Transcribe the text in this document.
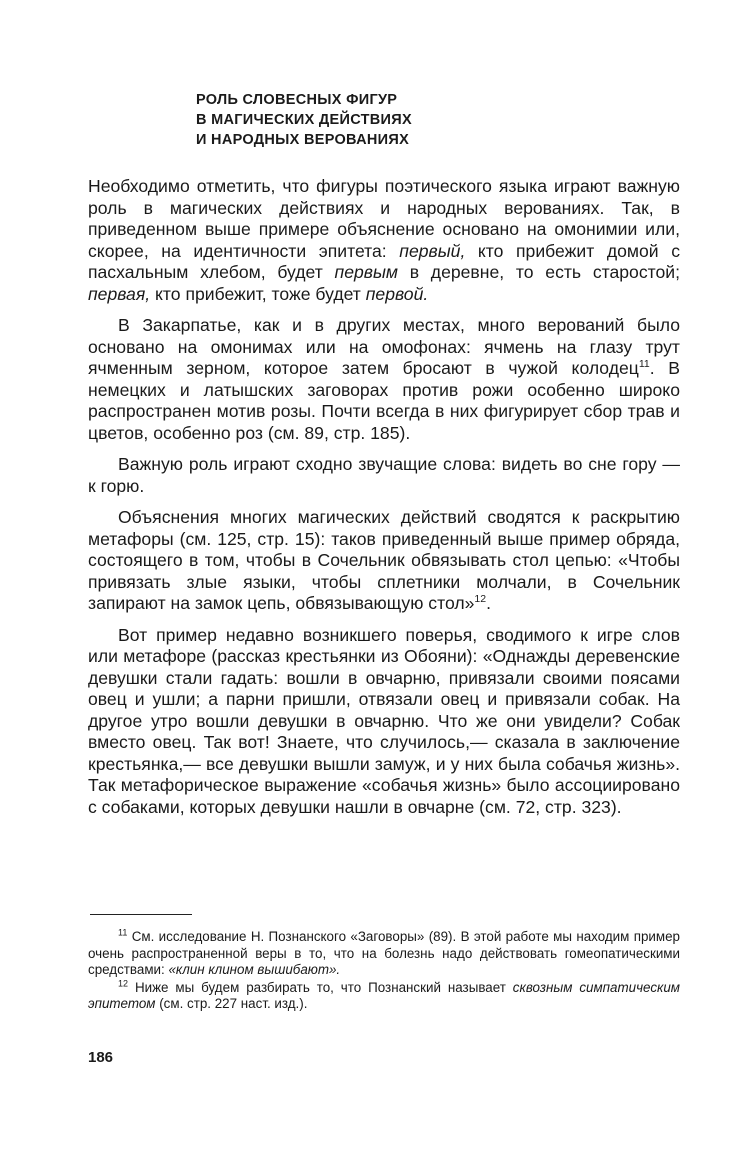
РОЛЬ СЛОВЕСНЫХ ФИГУР
В МАГИЧЕСКИХ ДЕЙСТВИЯХ
И НАРОДНЫХ ВЕРОВАНИЯХ

Необходимо отметить, что фигуры поэтического языка играют важную роль в магических действиях и народных верованиях. Так, в приведенном выше примере объяснение основано на омонимии или, скорее, на идентичности эпитета: первый, кто прибежит домой с пасхальным хлебом, будет первым в деревне, то есть старостой; первая, кто прибежит, тоже будет первой.

В Закарпатье, как и в других местах, много верований было основано на омонимах или на омофонах: ячмень на глазу трут ячменным зерном, которое затем бросают в чужой колодец$^{11}$. В немецких и латышских заговорах против рожи особенно широко распространен мотив розы. Почти всегда в них фигурирует сбор трав и цветов, особенно роз (см. 89, стр. 185).

Важную роль играют сходно звучащие слова: видеть во сне гору — к горю.

Объяснения многих магических действий сводятся к раскрытию метафоры (см. 125, стр. 15): таков приведенный выше пример обряда, состоящего в том, чтобы в Сочельник обвязывать стол цепью: «Чтобы привязать злые языки, чтобы сплетники молчали, в Сочельник запирают на замок цепь, обвязывающую стол»$^{12}$.

Вот пример недавно возникшего поверья, сводимого к игре слов или метафоре (рассказ крестьянки из Обояни): «Однажды деревенские девушки стали гадать: вошли в овчарню, привязали своими поясами овец и ушли; а парни пришли, отвязали овец и привязали собак. На другое утро вошли девушки в овчарню. Что же они увидели? Собак вместо овец. Так вот! Знаете, что случилось,— сказала в заключение крестьянка,— все девушки вышли замуж, и у них была собачья жизнь». Так метафорическое выражение «собачья жизнь» было ассоциировано с собаками, которых девушки нашли в овчарне (см. 72, стр. 323).

$^{11}$ См. исследование Н. Познанского «Заговоры» (89). В этой работе мы находим пример очень распространенной веры в то, что на болезнь надо действовать гомеопатическими средствами: «клин клином вышибают».

$^{12}$ Ниже мы будем разбирать то, что Познанский называет сквозным симпатическим эпитетом (см. стр. 227 наст. изд.).

186
